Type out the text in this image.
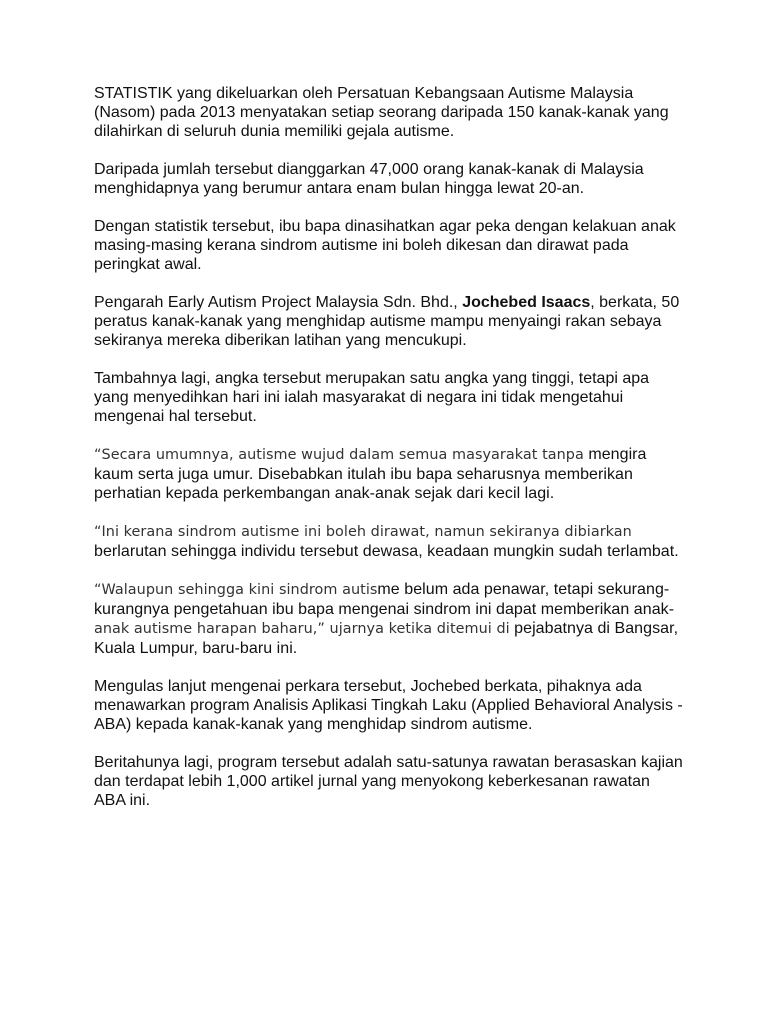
STATISTIK yang dikeluarkan oleh Persatuan Kebangsaan Autisme Malaysia (Nasom) pada 2013 menyatakan setiap seorang daripada 150 kanak-kanak yang dilahirkan di seluruh dunia memiliki gejala autisme.

Daripada jumlah tersebut dianggarkan 47,000 orang kanak-kanak di Malaysia menghidapnya yang berumur antara enam bulan hingga lewat 20-an.

Dengan statistik tersebut, ibu bapa dinasihatkan agar peka dengan kelakuan anak masing-masing kerana sindrom autisme ini boleh dikesan dan dirawat pada peringkat awal.

Pengarah Early Autism Project Malaysia Sdn. Bhd., Jochebed Isaacs, berkata, 50 peratus kanak-kanak yang menghidap autisme mampu menyaingi rakan sebaya sekiranya mereka diberikan latihan yang mencukupi.

Tambahnya lagi, angka tersebut merupakan satu angka yang tinggi, tetapi apa yang menyedihkan hari ini ialah masyarakat di negara ini tidak mengetahui mengenai hal tersebut.

“Secara umumnya, autisme wujud dalam semua masyarakat tanpa mengira kaum serta juga umur. Disebabkan itulah ibu bapa seharusnya memberikan perhatian kepada perkembangan anak-anak sejak dari kecil lagi.

“Ini kerana sindrom autisme ini boleh dirawat, namun sekiranya dibiarkan berlarutan sehingga individu tersebut dewasa, keadaan mungkin sudah terlambat.

“Walaupun sehingga kini sindrom autisme belum ada penawar, tetapi sekurang-kurangnya pengetahuan ibu bapa mengenai sindrom ini dapat memberikan anak-anak autisme harapan baharu,” ujarnya ketika ditemui di pejabatnya di Bangsar, Kuala Lumpur, baru-baru ini.

Mengulas lanjut mengenai perkara tersebut, Jochebed berkata, pihaknya ada menawarkan program Analisis Aplikasi Tingkah Laku (Applied Behavioral Analysis -ABA) kepada kanak-kanak yang menghidap sindrom autisme.

Beritahunya lagi, program tersebut adalah satu-satunya rawatan berasaskan kajian dan terdapat lebih 1,000 artikel jurnal yang menyokong keberkesanan rawatan ABA ini.
